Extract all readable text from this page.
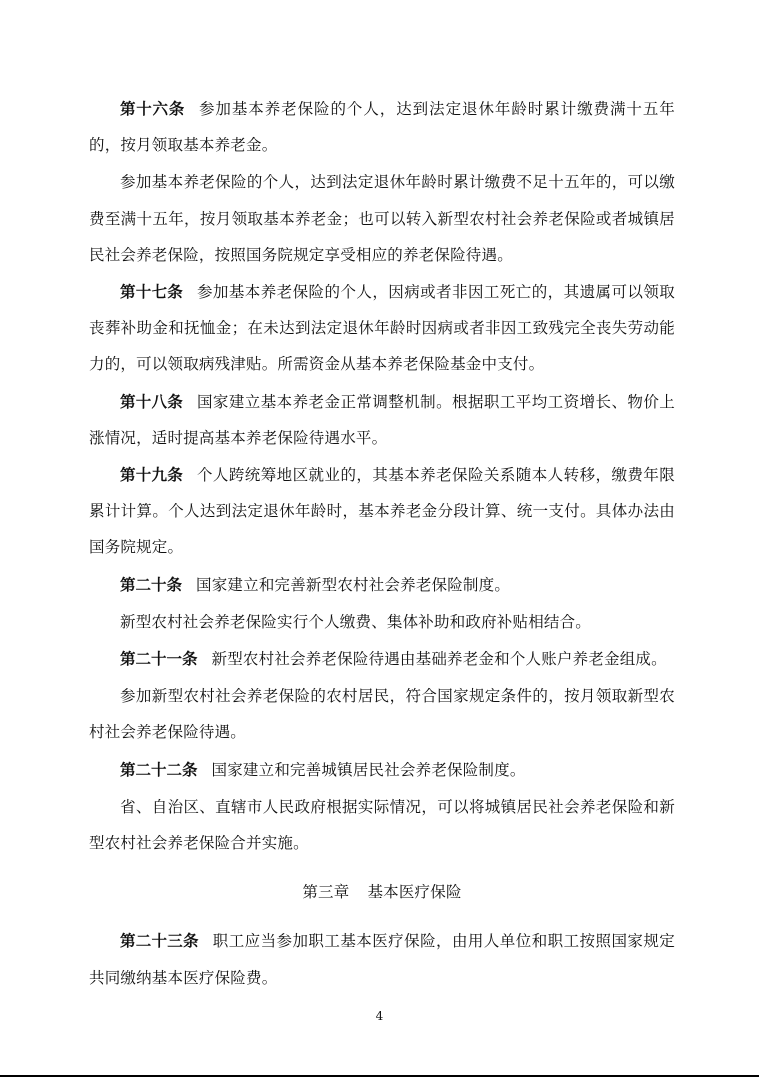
第十六条 参加基本养老保险的个人，达到法定退休年龄时累计缴费满十五年的，按月领取基本养老金。

参加基本养老保险的个人，达到法定退休年龄时累计缴费不足十五年的，可以缴费至满十五年，按月领取基本养老金；也可以转入新型农村社会养老保险或者城镇居民社会养老保险，按照国务院规定享受相应的养老保险待遇。

第十七条 参加基本养老保险的个人，因病或者非因工死亡的，其遗属可以领取丧葬补助金和抚恤金；在未达到法定退休年龄时因病或者非因工致残完全丧失劳动能力的，可以领取病残津贴。所需资金从基本养老保险基金中支付。

第十八条 国家建立基本养老金正常调整机制。根据职工平均工资增长、物价上涨情况，适时提高基本养老保险待遇水平。

第十九条 个人跨统筹地区就业的，其基本养老保险关系随本人转移，缴费年限累计计算。个人达到法定退休年龄时，基本养老金分段计算、统一支付。具体办法由国务院规定。

第二十条 国家建立和完善新型农村社会养老保险制度。

新型农村社会养老保险实行个人缴费、集体补助和政府补贴相结合。

第二十一条 新型农村社会养老保险待遇由基础养老金和个人账户养老金组成。

参加新型农村社会养老保险的农村居民，符合国家规定条件的，按月领取新型农村社会养老保险待遇。

第二十二条 国家建立和完善城镇居民社会养老保险制度。

省、自治区、直辖市人民政府根据实际情况，可以将城镇居民社会养老保险和新型农村社会养老保险合并实施。

第三章 基本医疗保险

第二十三条 职工应当参加职工基本医疗保险，由用人单位和职工按照国家规定共同缴纳基本医疗保险费。

4
